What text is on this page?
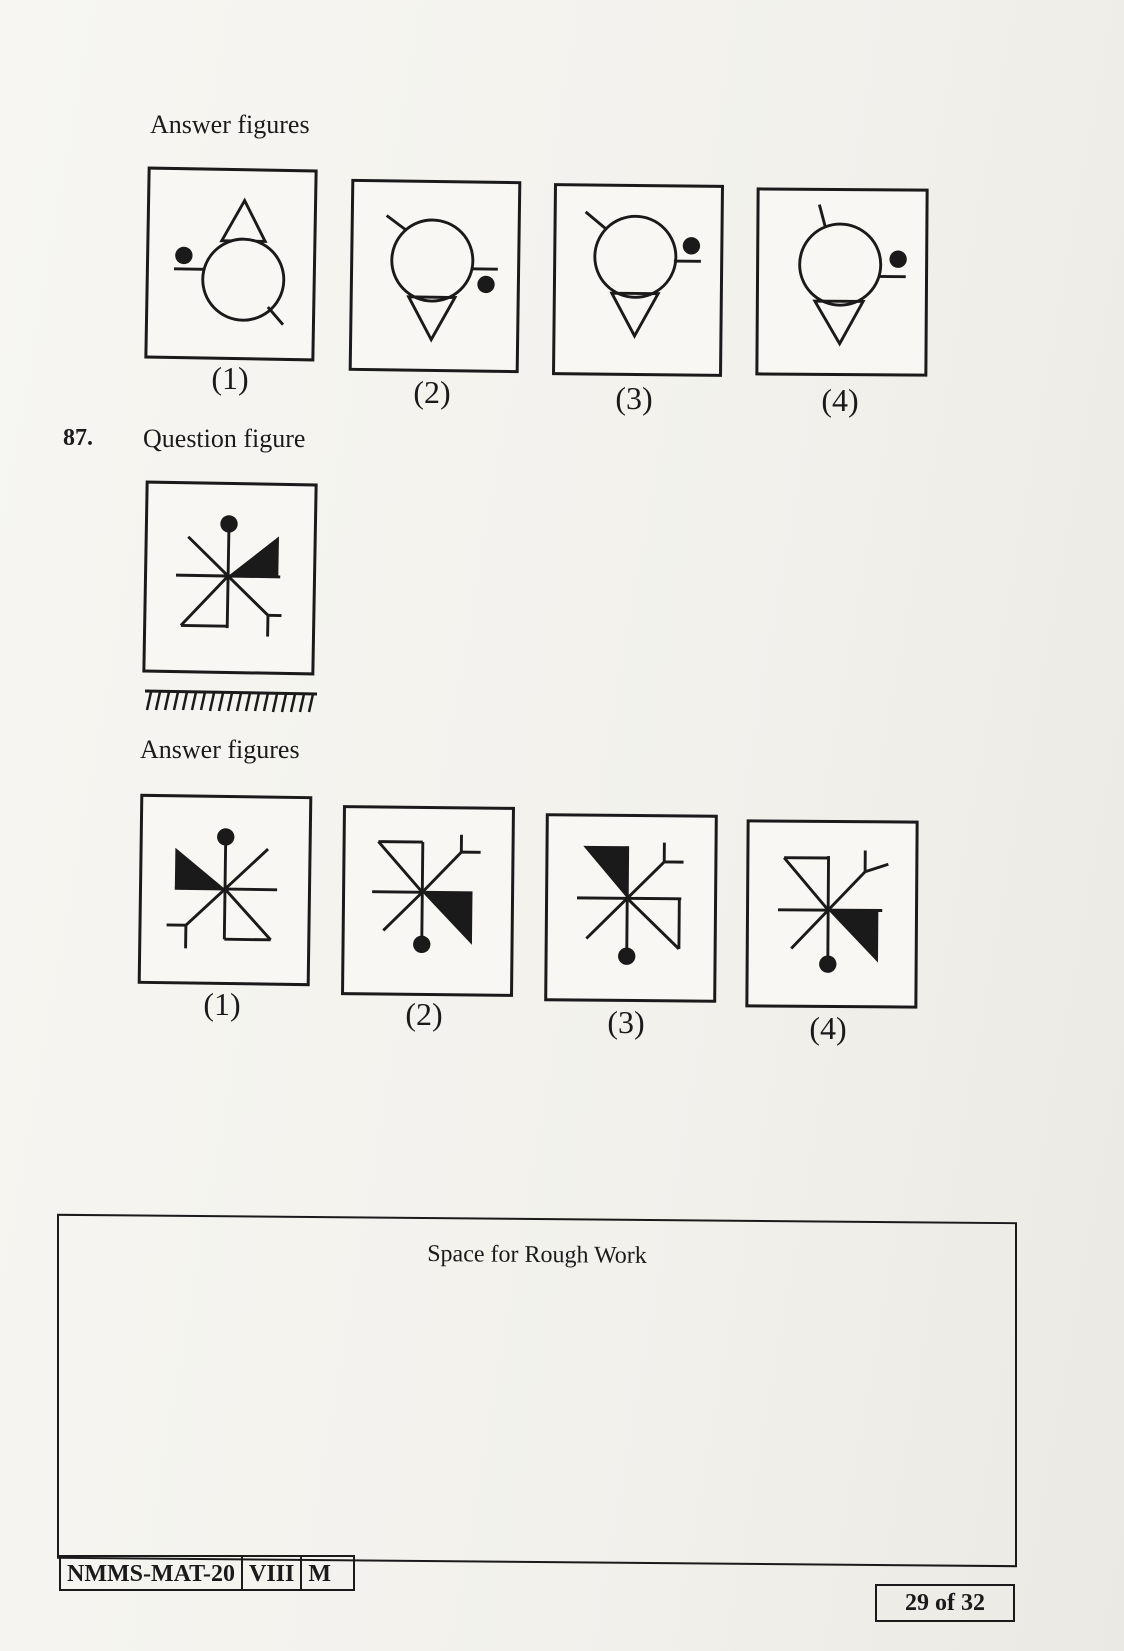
Answer figures
(1)	(2)	(3)	(4)
87. Question figure
Answer figures
(1)	(2)	(3)	(4)
Space for Rough Work
NMMS-MAT-20 VIII M
29 of 32
